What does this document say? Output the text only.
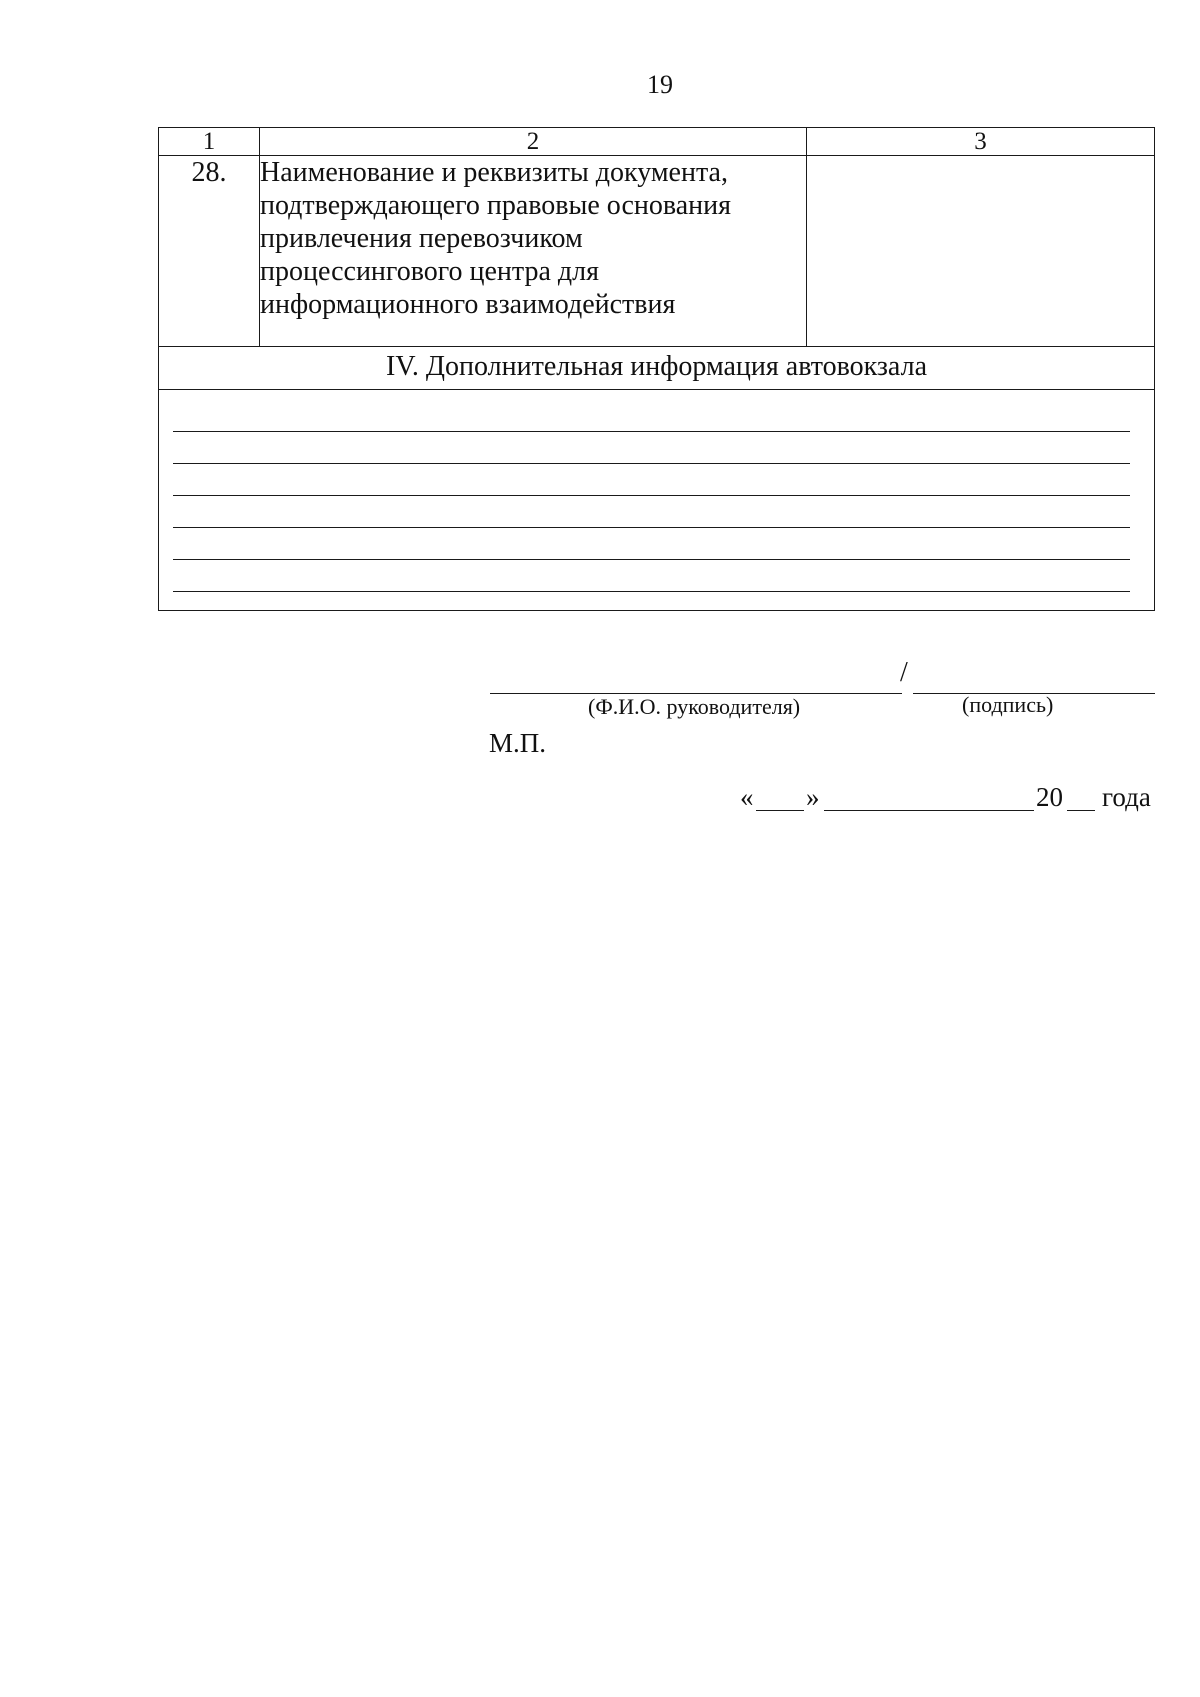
19
1	2	3
28.	Наименование и реквизиты документа,
подтверждающего правовые основания
привлечения перевозчиком
процессингового центра для
информационного взаимодействия	

IV. Дополнительная информация автовокзала		

/
(Ф.И.О. руководителя)	(подпись)
М.П.
« »	20 года
